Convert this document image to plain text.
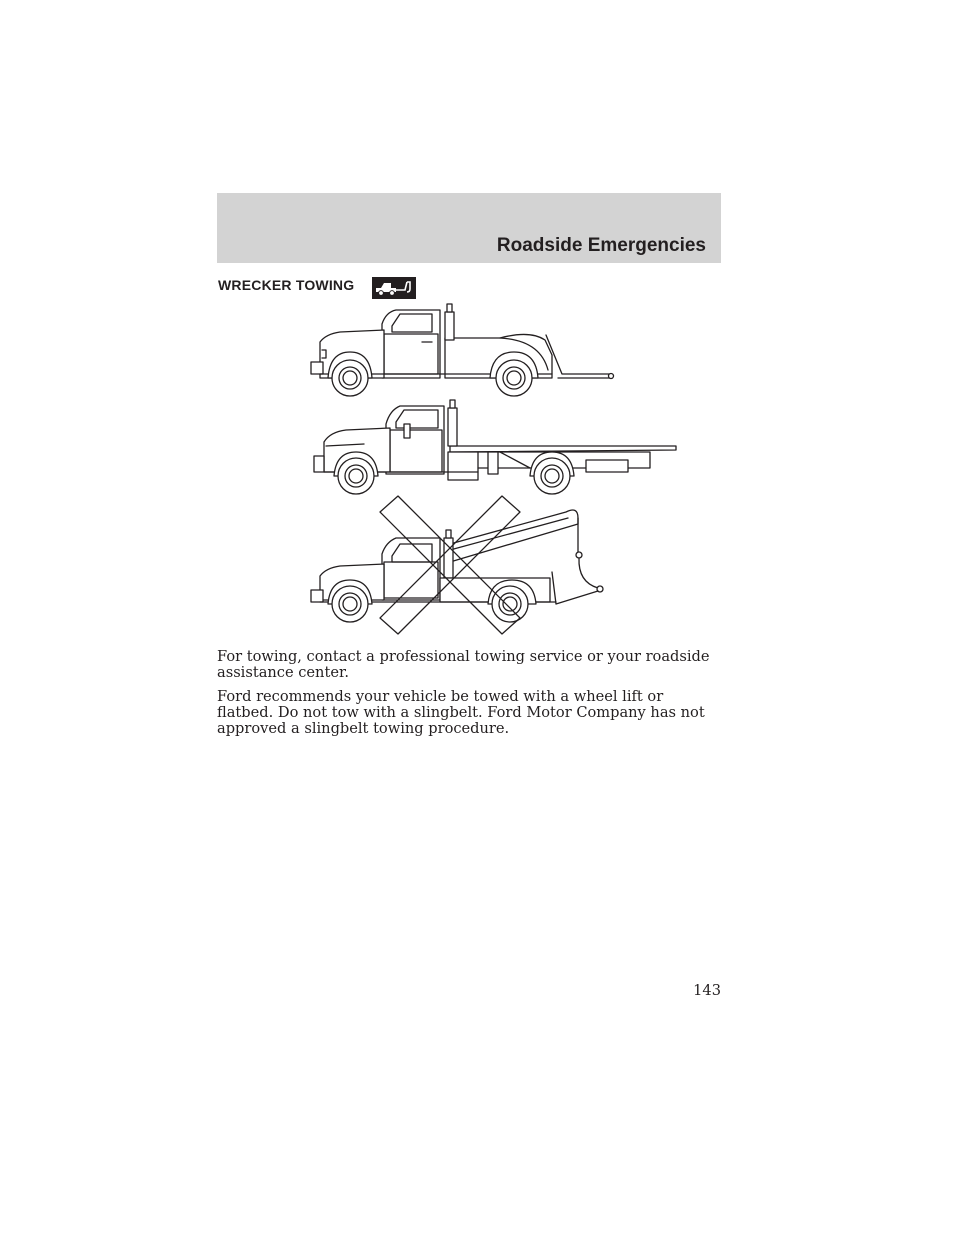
Roadside Emergencies
WRECKER TOWING

For towing, contact a professional towing service or your roadside assistance center.

Ford recommends your vehicle be towed with a wheel lift or flatbed. Do not tow with a slingbelt. Ford Motor Company has not approved a slingbelt towing procedure.

143
